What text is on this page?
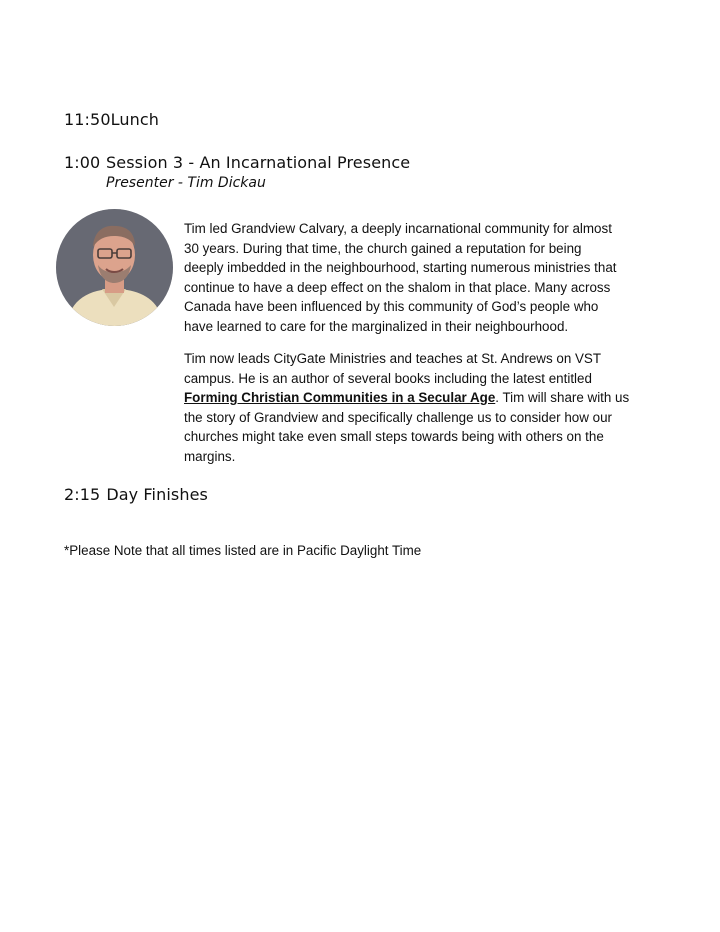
11:50Lunch
1:00 Session 3 - An Incarnational Presence
Presenter - Tim Dickau
Tim led Grandview Calvary, a deeply incarnational community for almost
30 years. During that time, the church gained a reputation for being
deeply imbedded in the neighbourhood, starting numerous ministries that
continue to have a deep effect on the shalom in that place. Many across
Canada have been influenced by this community of God’s people who
have learned to care for the marginalized in their neighbourhood.
Tim now leads CityGate Ministries and teaches at St. Andrews on VST
campus. He is an author of several books including the latest entitled
Forming Christian Communities in a Secular Age. Tim will share with us
the story of Grandview and specifically challenge us to consider how our
churches might take even small steps towards being with others on the
margins.
2:15 Day Finishes
*Please Note that all times listed are in Pacific Daylight Time
